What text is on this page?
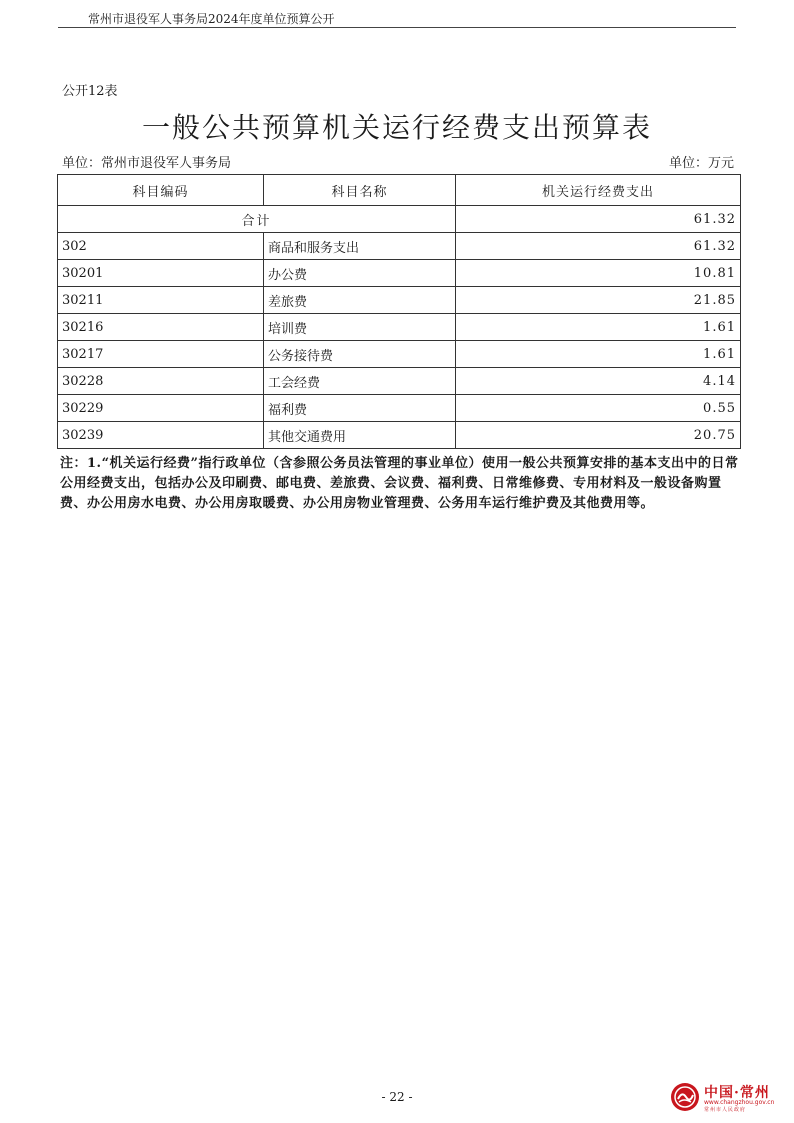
常州市退役军人事务局2024年度单位预算公开
公开12表
一般公共预算机关运行经费支出预算表
单位：常州市退役军人事务局	单位：万元
科目编码	科目名称	机关运行经费支出
合计		61.32
302	商品和服务支出	61.32
30201	办公费	10.81
30211	差旅费	21.85
30216	培训费	1.61
30217	公务接待费	1.61
30228	工会经费	4.14
30229	福利费	0.55
30239	其他交通费用	20.75
注：1.“机关运行经费”指行政单位（含参照公务员法管理的事业单位）使用一般公共预算安排的基本支出中的日常公用经费支出，包括办公及印刷费、邮电费、差旅费、会议费、福利费、日常维修费、专用材料及一般设备购置费、办公用房水电费、办公用房取暖费、办公用房物业管理费、公务用车运行维护费及其他费用等。
- 22 -	中国·常州
www.changzhou.gov.cn
常州市人民政府
